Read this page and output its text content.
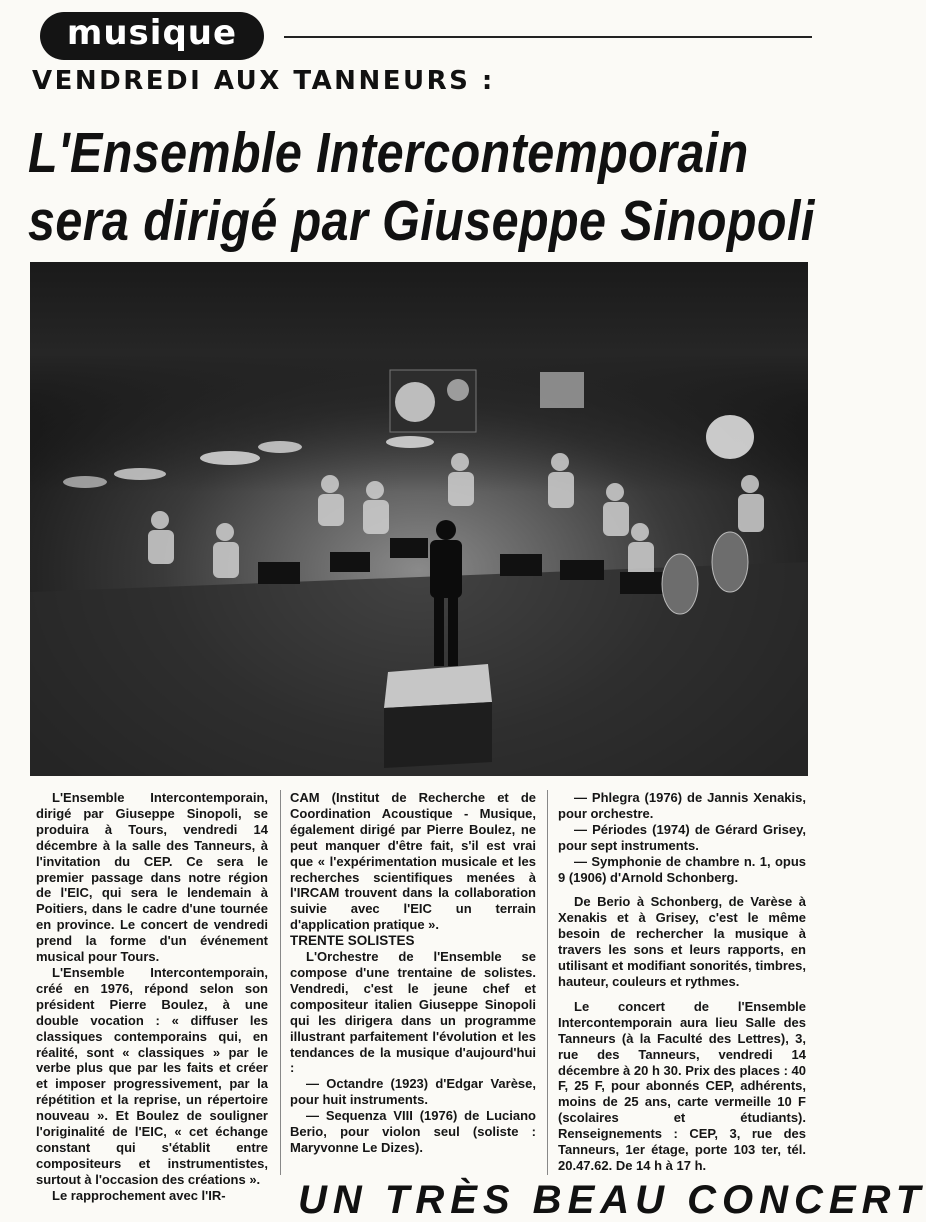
musique
VENDREDI AUX TANNEURS :
L'Ensemble Intercontemporain
sera dirigé par Giuseppe Sinopoli

L'Ensemble Intercontemporain, dirigé par Giuseppe Sinopoli, se produira à Tours, vendredi 14 décembre à la salle des Tanneurs, à l'invitation du CEP. Ce sera le premier passage dans notre région de l'EIC, qui sera le lendemain à Poitiers, dans le cadre d'une tournée en province. Le concert de vendredi prend la forme d'un événement musical pour Tours.

L'Ensemble Intercontemporain, créé en 1976, répond selon son président Pierre Boulez, à une double vocation : « diffuser les classiques contemporains qui, en réalité, sont « classiques » par le verbe plus que par les faits et créer et imposer progressivement, par la répétition et la reprise, un répertoire nouveau ». Et Boulez de souligner l'originalité de l'EIC, « cet échange constant qui s'établit entre compositeurs et instrumentistes, surtout à l'occasion des créations ».

Le rapprochement avec l'IR-

CAM (Institut de Recherche et de Coordination Acoustique - Musique, également dirigé par Pierre Boulez, ne peut manquer d'être fait, s'il est vrai que « l'expérimentation musicale et les recherches scientifiques menées à l'IRCAM trouvent dans la collaboration suivie avec l'EIC un terrain d'application pratique ».

TRENTE SOLISTES

L'Orchestre de l'Ensemble se compose d'une trentaine de solistes. Vendredi, c'est le jeune chef et compositeur italien Giuseppe Sinopoli qui les dirigera dans un programme illustrant parfaitement l'évolution et les tendances de la musique d'aujourd'hui :

— Octandre (1923) d'Edgar Varèse, pour huit instruments.

— Sequenza VIII (1976) de Luciano Berio, pour violon seul (soliste : Maryvonne Le Dizes).

— Phlegra (1976) de Jannis Xenakis, pour orchestre.

— Périodes (1974) de Gérard Grisey, pour sept instruments.

— Symphonie de chambre n. 1, opus 9 (1906) d'Arnold Schonberg.

De Berio à Schonberg, de Varèse à Xenakis et à Grisey, c'est le même besoin de rechercher la musique à travers les sons et leurs rapports, en utilisant et modifiant sonorités, timbres, hauteur, couleurs et rythmes.

Le concert de l'Ensemble Intercontemporain aura lieu Salle des Tanneurs (à la Faculté des Lettres), 3, rue des Tanneurs, vendredi 14 décembre à 20 h 30. Prix des places : 40 F, 25 F, pour abonnés CEP, adhérents, moins de 25 ans, carte vermeille 10 F (scolaires et étudiants). Renseignements : CEP, 3, rue des Tanneurs, 1er étage, porte 103 ter, tél. 20.47.62. De 14 h à 17 h.

UN TRÈS BEAU CONCERT
